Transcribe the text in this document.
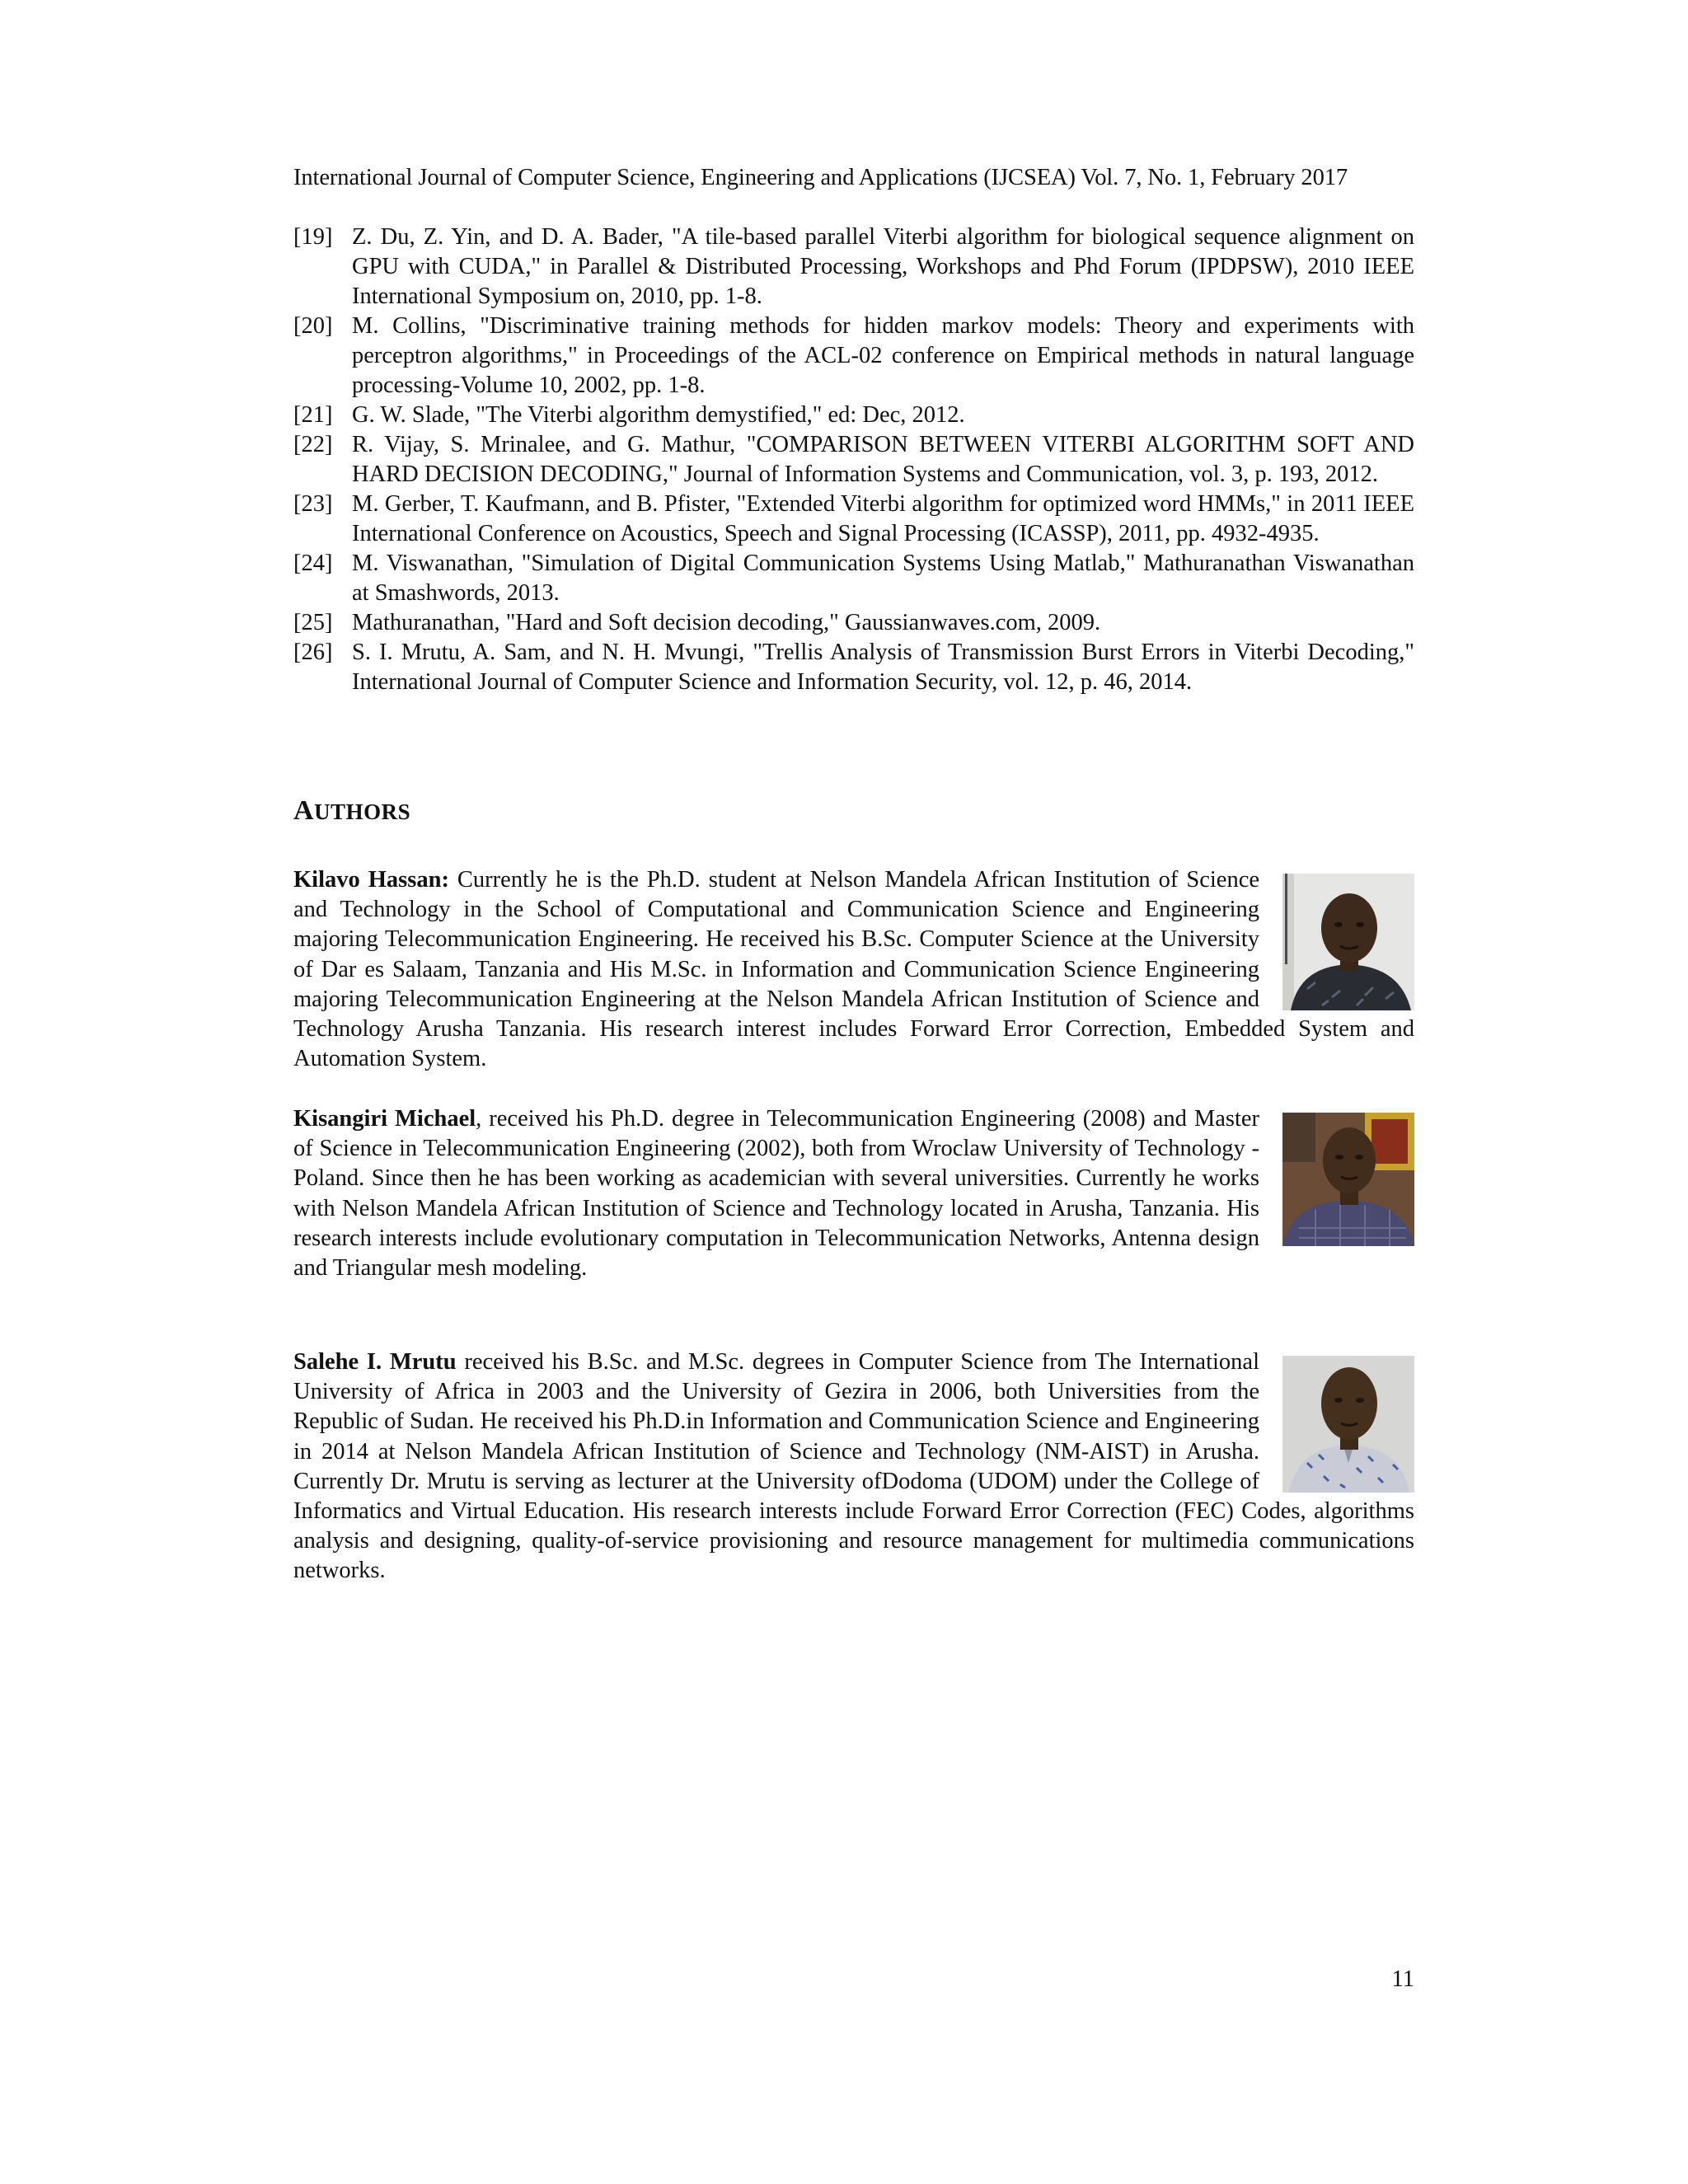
International Journal of Computer Science, Engineering and Applications (IJCSEA) Vol. 7, No. 1, February 2017
[19] Z. Du, Z. Yin, and D. A. Bader, "A tile-based parallel Viterbi algorithm for biological sequence alignment on GPU with CUDA," in Parallel & Distributed Processing, Workshops and Phd Forum (IPDPSW), 2010 IEEE International Symposium on, 2010, pp. 1-8.
[20] M. Collins, "Discriminative training methods for hidden markov models: Theory and experiments with perceptron algorithms," in Proceedings of the ACL-02 conference on Empirical methods in natural language processing-Volume 10, 2002, pp. 1-8.
[21] G. W. Slade, "The Viterbi algorithm demystified," ed: Dec, 2012.
[22] R. Vijay, S. Mrinalee, and G. Mathur, "COMPARISON BETWEEN VITERBI ALGORITHM SOFT AND HARD DECISION DECODING," Journal of Information Systems and Communication, vol. 3, p. 193, 2012.
[23] M. Gerber, T. Kaufmann, and B. Pfister, "Extended Viterbi algorithm for optimized word HMMs," in 2011 IEEE International Conference on Acoustics, Speech and Signal Processing (ICASSP), 2011, pp. 4932-4935.
[24] M. Viswanathan, "Simulation of Digital Communication Systems Using Matlab," Mathuranathan Viswanathan at Smashwords, 2013.
[25] Mathuranathan, "Hard and Soft decision decoding," Gaussianwaves.com, 2009.
[26] S. I. Mrutu, A. Sam, and N. H. Mvungi, "Trellis Analysis of Transmission Burst Errors in Viterbi Decoding," International Journal of Computer Science and Information Security, vol. 12, p. 46, 2014.
AUTHORS
Kilavo Hassan: Currently he is the Ph.D. student at Nelson Mandela African Institution of Science and Technology in the School of Computational and Communication Science and Engineering majoring Telecommunication Engineering. He received his B.Sc. Computer Science at the University of Dar es Salaam, Tanzania and His M.Sc. in Information and Communication Science Engineering majoring Telecommunication Engineering at the Nelson Mandela African Institution of Science and Technology Arusha Tanzania. His research interest includes Forward Error Correction, Embedded System and Automation System.
Kisangiri Michael, received his Ph.D. degree in Telecommunication Engineering (2008) and Master of Science in Telecommunication Engineering (2002), both from Wroclaw University of Technology - Poland. Since then he has been working as academician with several universities. Currently he works with Nelson Mandela African Institution of Science and Technology located in Arusha, Tanzania. His research interests include evolutionary computation in Telecommunication Networks, Antenna design and Triangular mesh modeling.
Salehe I. Mrutu received his B.Sc. and M.Sc. degrees in Computer Science from The International University of Africa in 2003 and the University of Gezira in 2006, both Universities from the Republic of Sudan. He received his Ph.D.in Information and Communication Science and Engineering in 2014 at Nelson Mandela African Institution of Science and Technology (NM-AIST) in Arusha. Currently Dr. Mrutu is serving as lecturer at the University ofDodoma (UDOM) under the College of Informatics and Virtual Education. His research interests include Forward Error Correction (FEC) Codes, algorithms analysis and designing, quality-of-service provisioning and resource management for multimedia communications networks.
11
